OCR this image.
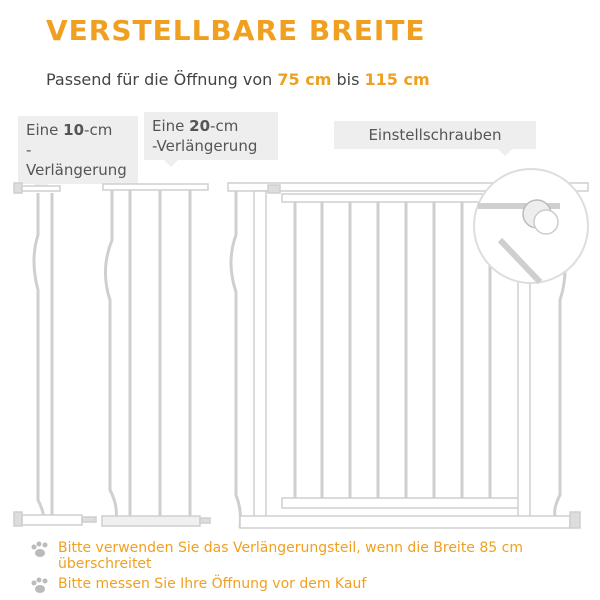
VERSTELLBARE BREITE
Passend für die Öffnung von 75 cm bis 115 cm
Eine 10-cm
-Verlängerung
Eine 20-cm
-Verlängerung
Einstellschrauben
Bitte verwenden Sie das Verlängerungsteil, wenn die Breite 85 cm überschreitet
Bitte messen Sie Ihre Öffnung vor dem Kauf
